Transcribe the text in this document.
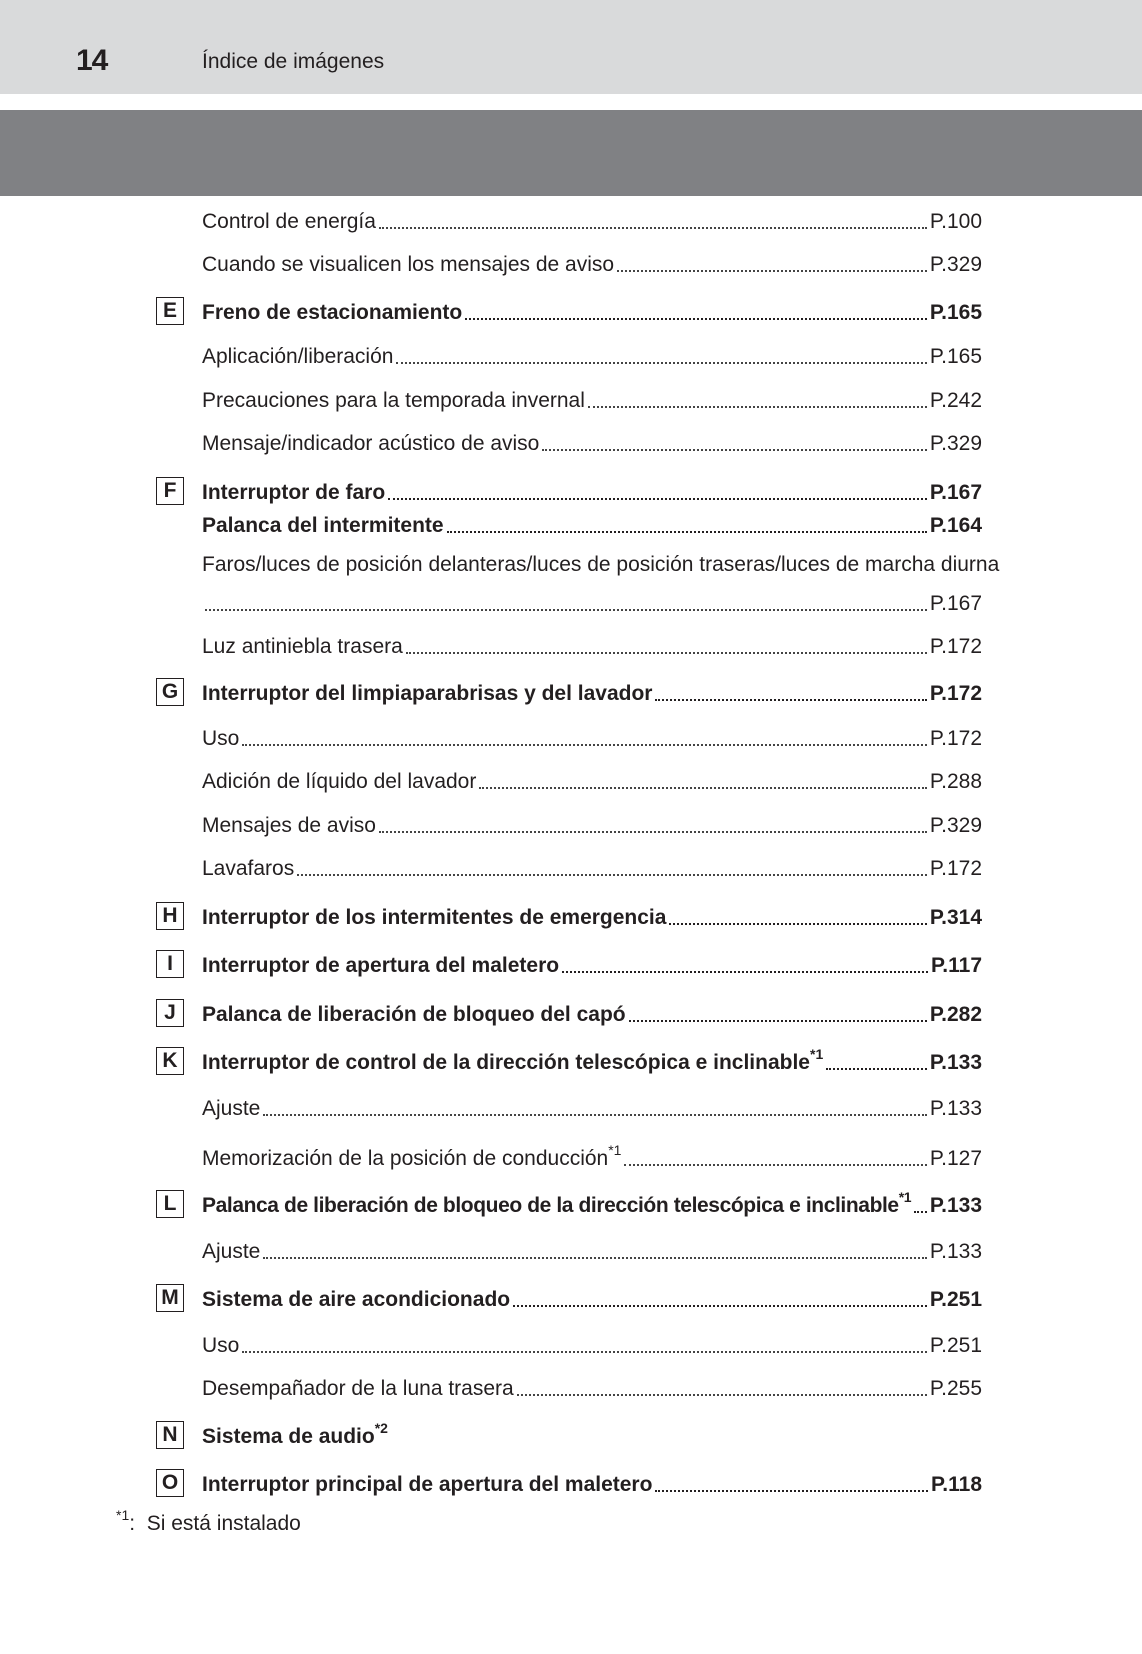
14	Índice de imágenes
Control de energía	P.100
Cuando se visualicen los mensajes de aviso	P.329
E	Freno de estacionamiento	P.165
Aplicación/liberación	P.165
Precauciones para la temporada invernal	P.242
Mensaje/indicador acústico de aviso	P.329
F	Interruptor de faro	P.167
Palanca del intermitente	P.164
Faros/luces de posición delanteras/luces de posición traseras/luces de marcha diurna
P.167
Luz antiniebla trasera	P.172
G Interruptor del limpiaparabrisas y del lavador	P.172
Uso	P.172
Adición de líquido del lavador	P.288
Mensajes de aviso	P.329
Lavafaros	P.172
H	Interruptor de los intermitentes de emergencia	P.314
I	Interruptor de apertura del maletero	P.117
J	Palanca de liberación de bloqueo del capó	P.282
K	Interruptor de control de la dirección telescópica e inclinable$^{*1}$	P.133
Ajuste	P.133
Memorización de la posición de conducción$^{*1}$	P.127
L	Palanca de liberación de bloqueo de la dirección telescópica e inclinable$^{*1}$ P.133
Ajuste	P.133
M Sistema de aire acondicionado	P.251
Uso	P.251
Desempañador de la luna trasera	P.255
N	Sistema de audio$^{*2}$
O Interruptor principal de apertura del maletero	P.118
$^{*1}$: Si está instalado
